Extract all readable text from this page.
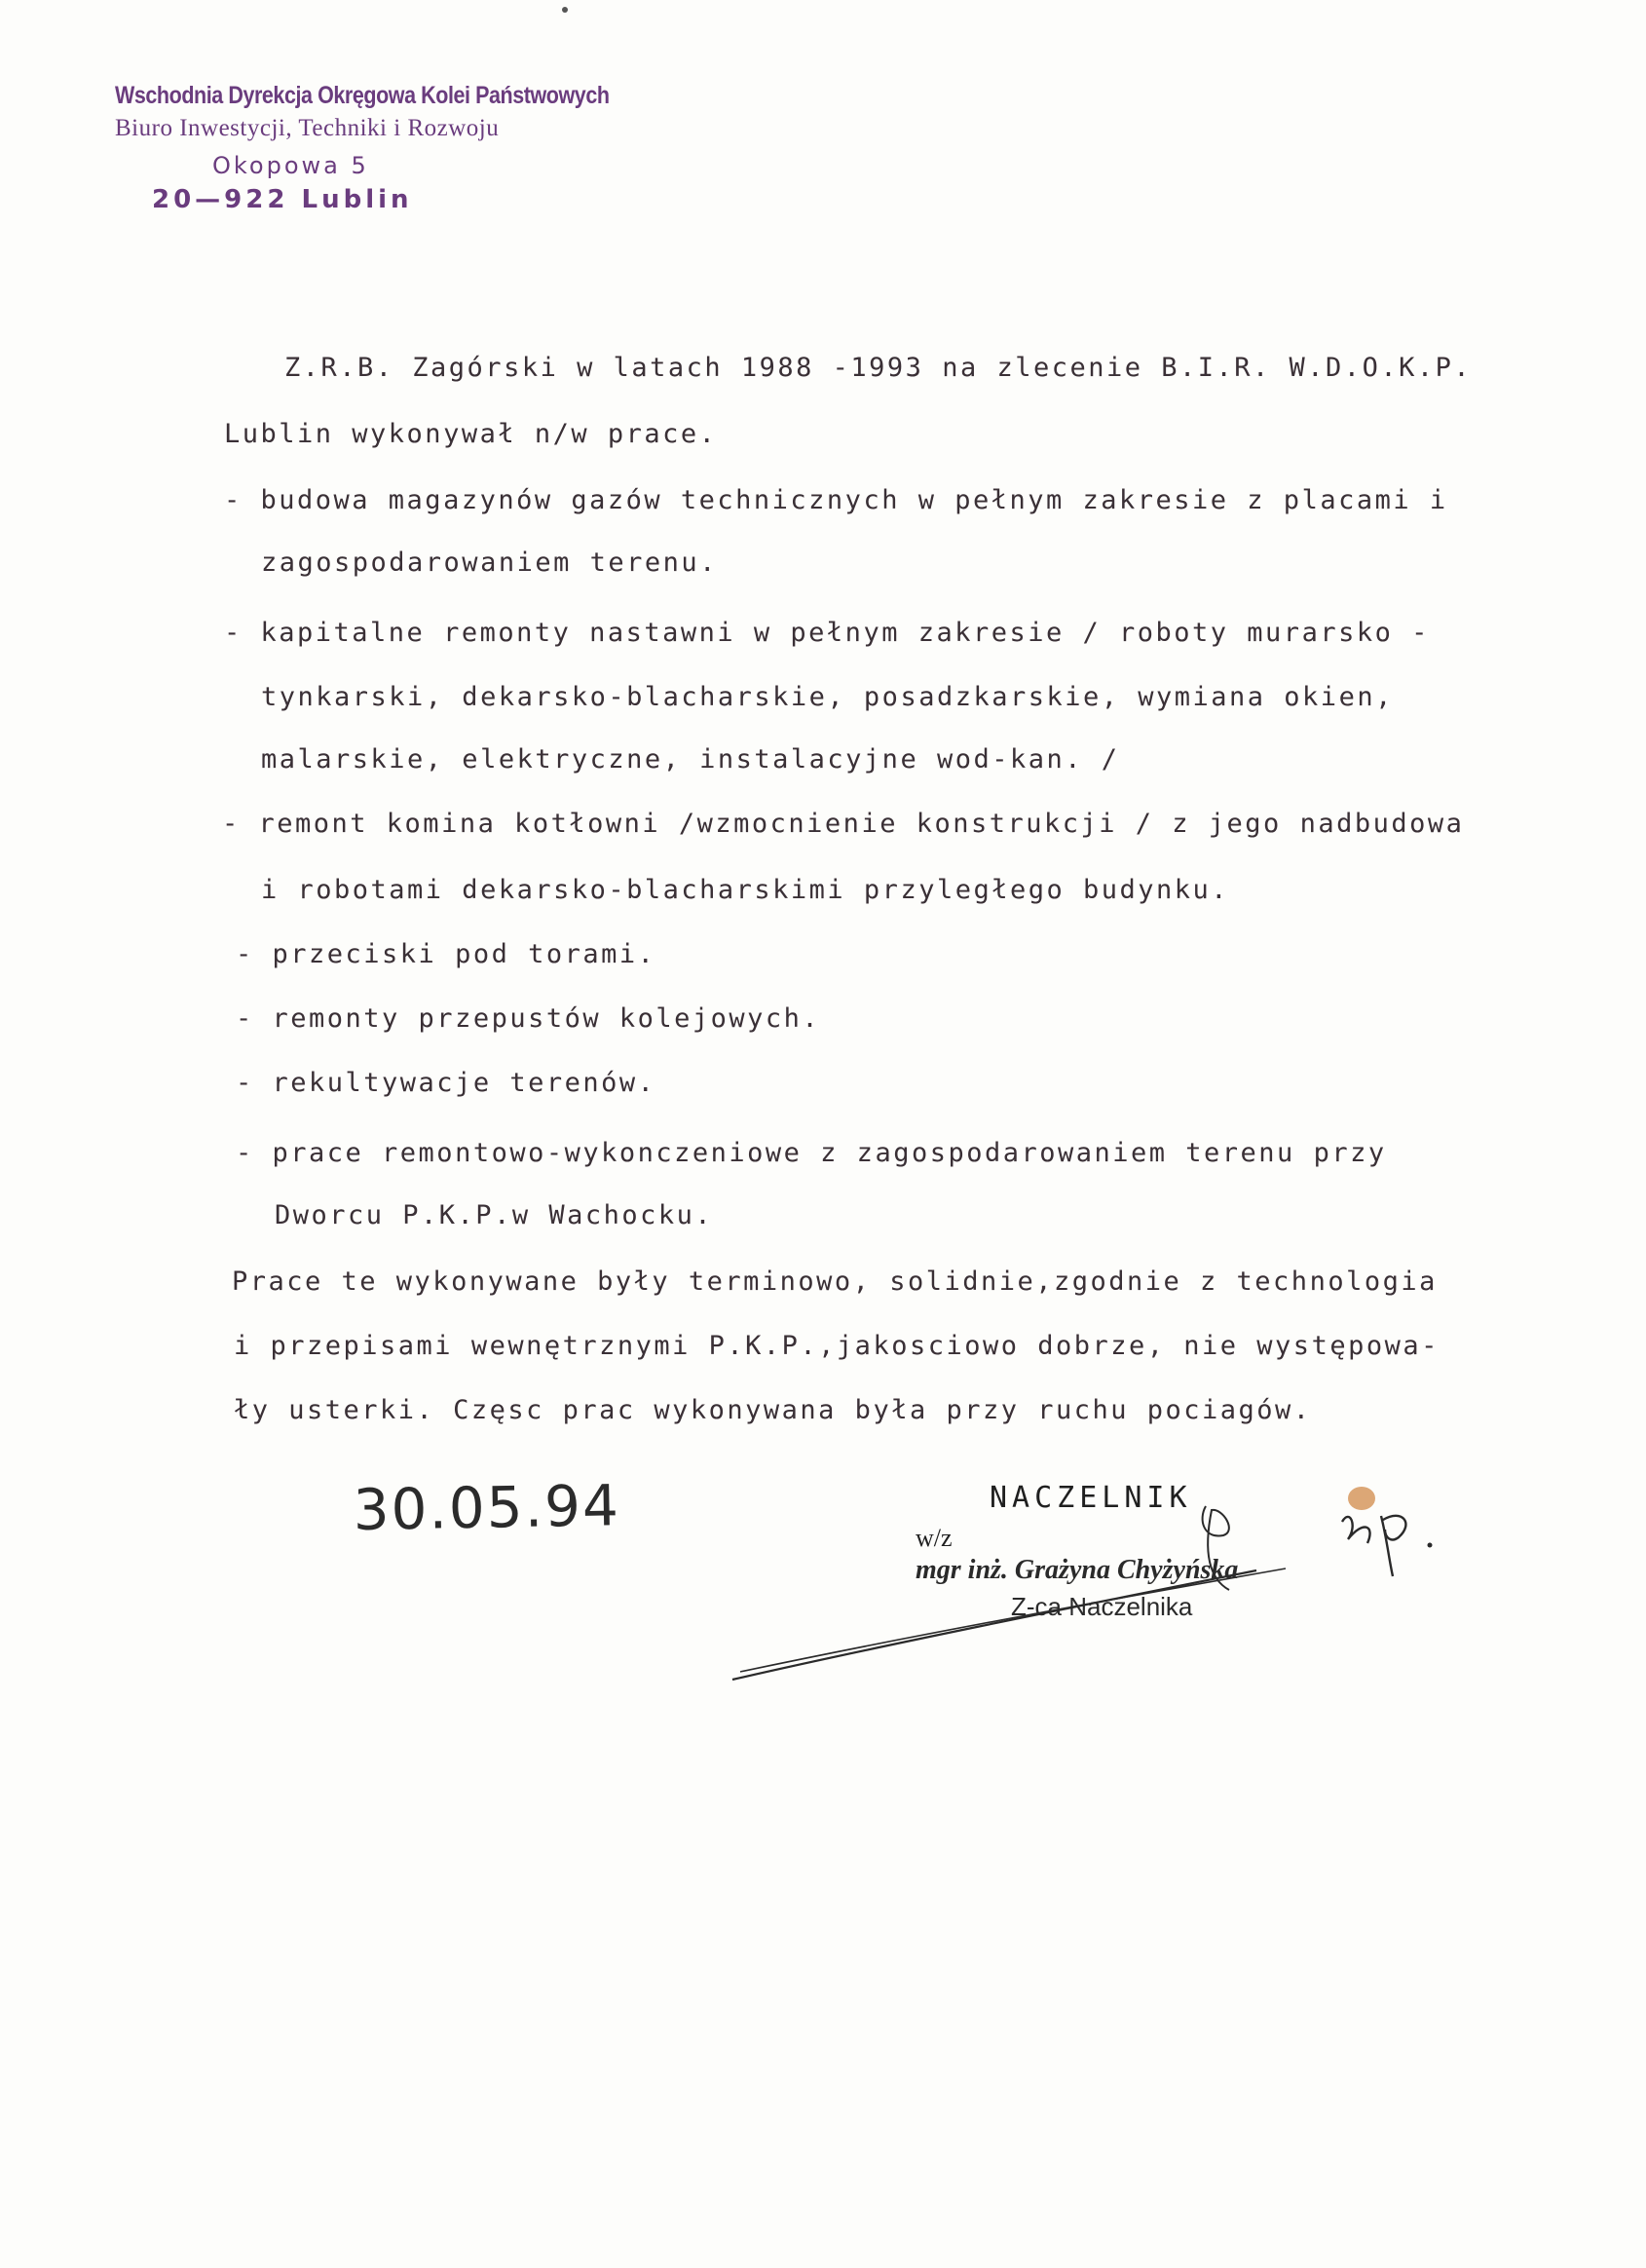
Wschodnia Dyrekcja Okręgowa Kolei Państwowych
Biuro Inwestycji, Techniki i Rozwoju
Okopowa 5
20—922 Lublin
Z.R.B. Zagórski w latach 1988 -1993 na zlecenie B.I.R. W.D.O.K.P.
Lublin wykonywał n/w prace.
- budowa magazynów gazów technicznych w pełnym zakresie z placami i
zagospodarowaniem terenu.
- kapitalne remonty nastawni w pełnym zakresie / roboty murarsko -
tynkarski, dekarsko-blacharskie, posadzkarskie, wymiana okien,
malarskie, elektryczne, instalacyjne wod-kan. /
- remont komina kotłowni /wzmocnienie konstrukcji / z jego nadbudowa
i robotami dekarsko-blacharskimi przyległego budynku.
- przeciski pod torami.
- remonty przepustów kolejowych.
- rekultywacje terenów.
- prace remontowo-wykonczeniowe z zagospodarowaniem terenu przy
Dworcu P.K.P.w Wachocku.
Prace te wykonywane były terminowo, solidnie,zgodnie z technologia
i przepisami wewnętrznymi P.K.P.,jakosciowo dobrze, nie występowa-
ły usterki. Częsc prac wykonywana była przy ruchu pociagów.
30.05.94	NACZELNIK
w/z
mgr inż. Grażyna Chyżyńska
Z-ca Naczelnika
